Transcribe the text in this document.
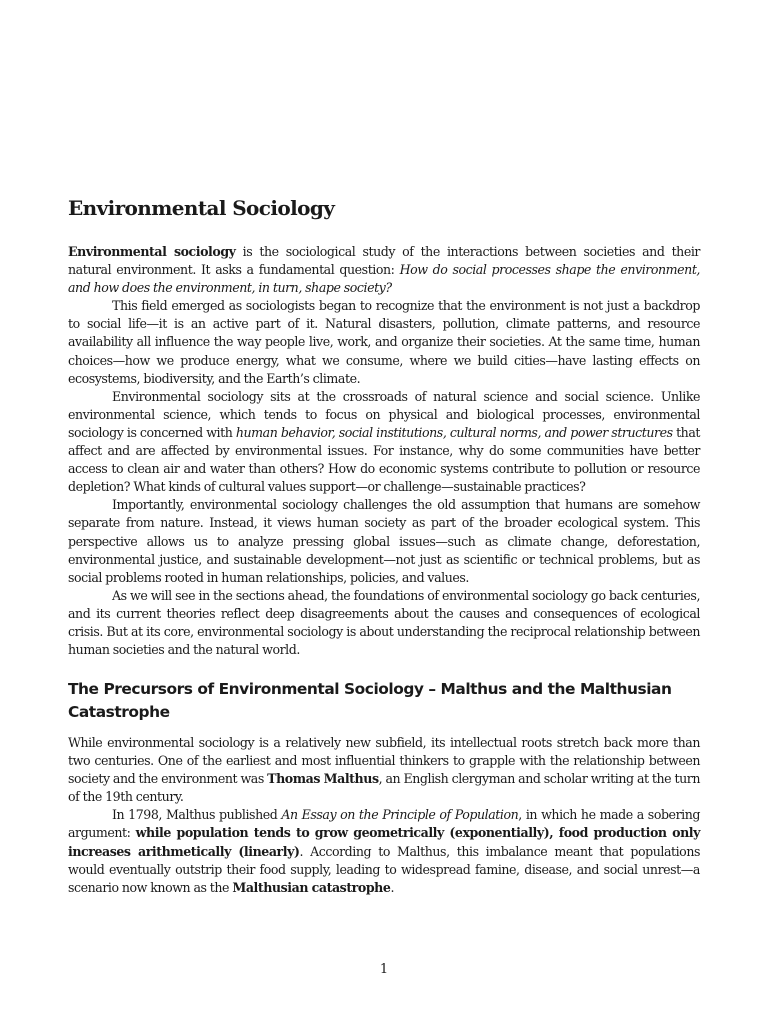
Environmental Sociology

Environmental sociology is the sociological study of the interactions between societies and their natural environment. It asks a fundamental question: How do social processes shape the environment, and how does the environment, in turn, shape society?

This field emerged as sociologists began to recognize that the environment is not just a backdrop to social life—it is an active part of it. Natural disasters, pollution, climate patterns, and resource availability all influence the way people live, work, and organize their societies. At the same time, human choices—how we produce energy, what we consume, where we build cities—have lasting effects on ecosystems, biodiversity, and the Earth’s climate.

Environmental sociology sits at the crossroads of natural science and social science. Unlike environmental science, which tends to focus on physical and biological processes, environmental sociology is concerned with human behavior, social institutions, cultural norms, and power structures that affect and are affected by environmental issues. For instance, why do some communities have better access to clean air and water than others? How do economic systems contribute to pollution or resource depletion? What kinds of cultural values support—or challenge—sustainable practices?

Importantly, environmental sociology challenges the old assumption that humans are somehow separate from nature. Instead, it views human society as part of the broader ecological system. This perspective allows us to analyze pressing global issues—such as climate change, deforestation, environmental justice, and sustainable development—not just as scientific or technical problems, but as social problems rooted in human relationships, policies, and values.

As we will see in the sections ahead, the foundations of environmental sociology go back centuries, and its current theories reflect deep disagreements about the causes and consequences of ecological crisis. But at its core, environmental sociology is about understanding the reciprocal relationship between human societies and the natural world.

The Precursors of Environmental Sociology – Malthus and the Malthusian Catastrophe

While environmental sociology is a relatively new subfield, its intellectual roots stretch back more than two centuries. One of the earliest and most influential thinkers to grapple with the relationship between society and the environment was Thomas Malthus, an English clergyman and scholar writing at the turn of the 19th century.

In 1798, Malthus published An Essay on the Principle of Population, in which he made a sobering argument: while population tends to grow geometrically (exponentially), food production only increases arithmetically (linearly). According to Malthus, this imbalance meant that populations would eventually outstrip their food supply, leading to widespread famine, disease, and social unrest—a scenario now known as the Malthusian catastrophe.

1
